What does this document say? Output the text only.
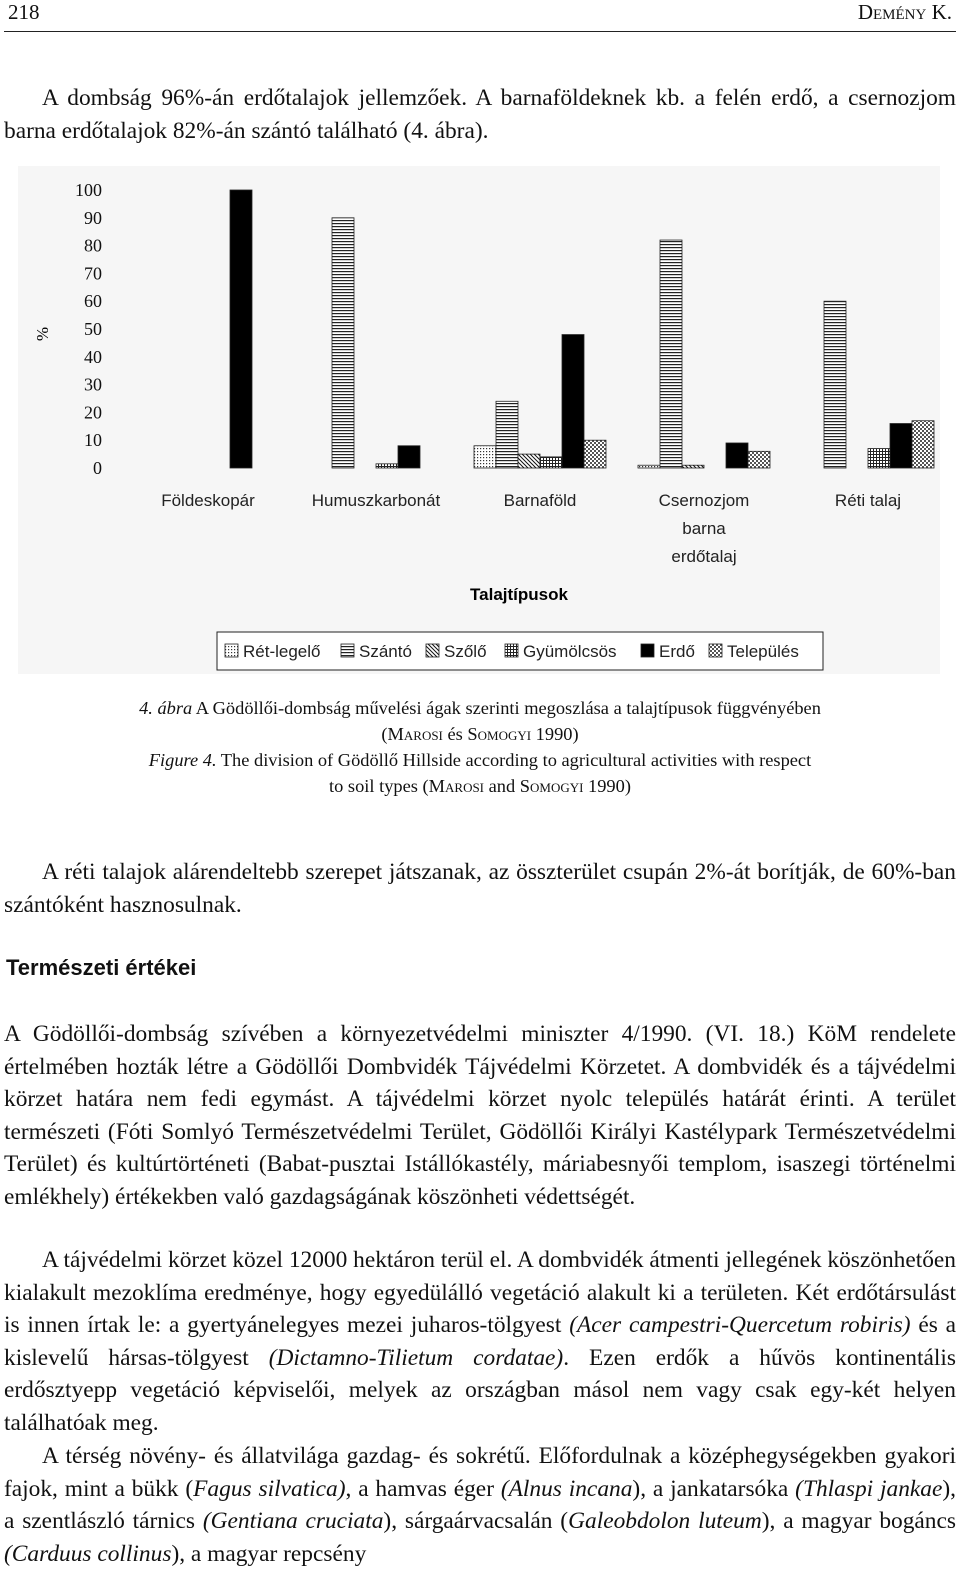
218	Demény K.

A dombság 96%-án erdőtalajok jellemzőek. A barnaföldeknek kb. a felén erdő, a csernozjom barna erdőtalajok 82%-án szántó található (4. ábra).

0
10
20
30
40
50
60
70
80
90
100
Földeskopár	Humuszkarbonát	Barnaföld	Csernozjom
barna
erdőtalaj
Réti talaj
%
Talajtípusok
Rét-legelő Szántó Szőlő Gyümölcsös Erdő Település
4. ábra A Gödöllői-dombság művelési ágak szerinti megoszlása a talajtípusok függvényében
(Marosi és Somogyi 1990)
Figure 4. The division of Gödöllő Hillside according to agricultural activities with respect
to soil types (Marosi and Somogyi 1990)

A réti talajok alárendeltebb szerepet játszanak, az összterület csupán 2%-át borítják, de 60%-ban szántóként hasznosulnak.

Természeti értékei

A Gödöllői-dombság szívében a környezetvédelmi miniszter 4/1990. (VI. 18.) KöM rendelete értelmében hozták létre a Gödöllői Dombvidék Tájvédelmi Körzetet. A dombvidék és a tájvédelmi körzet határa nem fedi egymást. A tájvédelmi körzet nyolc település határát érinti. A terület természeti (Fóti Somlyó Természetvédelmi Terület, Gödöllői Királyi Kastélypark Természetvédelmi Terület) és kultúrtörténeti (Babat-pusztai Istállókastély, máriabesnyői templom, isaszegi történelmi emlékhely) értékekben való gazdagságának köszönheti védettségét.

A tájvédelmi körzet közel 12000 hektáron terül el. A dombvidék átmenti jellegének köszönhetően kialakult mezoklíma eredménye, hogy egyedülálló vegetáció alakult ki a területen. Két erdőtársulást is innen írtak le: a gyertyánelegyes mezei juharos-tölgyest (Acer campestri-Quercetum robiris) és a kislevelű hársas-tölgyest (Dictamno-Tilietum cordatae). Ezen erdők a hűvös kontinentális erdősztyepp vegetáció képviselői, melyek az országban másol nem vagy csak egy-két helyen találhatóak meg.

A térség növény- és állatvilága gazdag- és sokrétű. Előfordulnak a középhegységekben gyakori fajok, mint a bükk (Fagus silvatica), a hamvas éger (Alnus incana), a jankatarsóka (Thlaspi jankae), a szentlászló tárnics (Gentiana cruciata), sárgaárvacsalán (Galeobdolon luteum), a magyar bogáncs (Carduus collinus), a magyar repcsény
